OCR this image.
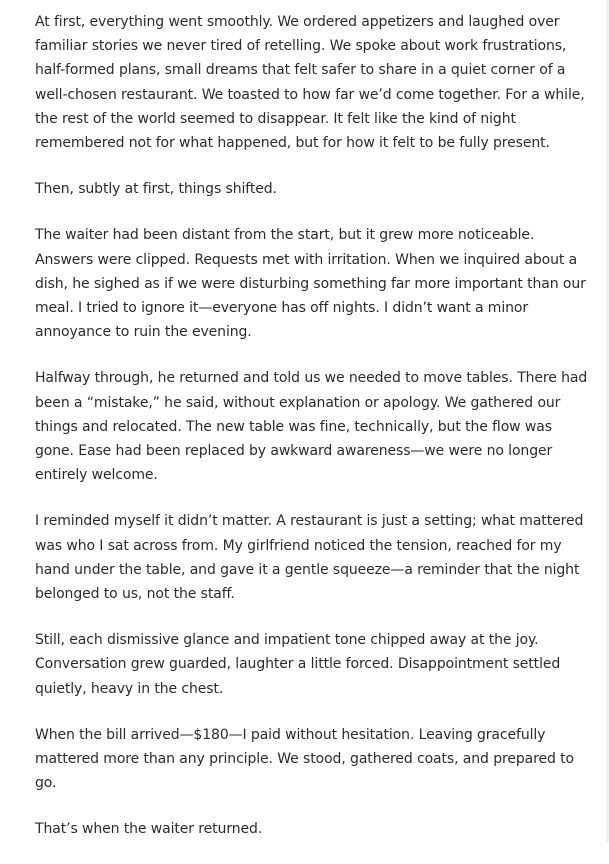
At first, everything went smoothly. We ordered appetizers and laughed over familiar stories we never tired of retelling. We spoke about work frustrations, half-formed plans, small dreams that felt safer to share in a quiet corner of a well-chosen restaurant. We toasted to how far we’d come together. For a while, the rest of the world seemed to disappear. It felt like the kind of night remembered not for what happened, but for how it felt to be fully present.

Then, subtly at first, things shifted.

The waiter had been distant from the start, but it grew more noticeable. Answers were clipped. Requests met with irritation. When we inquired about a dish, he sighed as if we were disturbing something far more important than our meal. I tried to ignore it—everyone has off nights. I didn’t want a minor annoyance to ruin the evening.

Halfway through, he returned and told us we needed to move tables. There had been a “mistake,” he said, without explanation or apology. We gathered our things and relocated. The new table was fine, technically, but the flow was gone. Ease had been replaced by awkward awareness—we were no longer entirely welcome.

I reminded myself it didn’t matter. A restaurant is just a setting; what mattered was who I sat across from. My girlfriend noticed the tension, reached for my hand under the table, and gave it a gentle squeeze—a reminder that the night belonged to us, not the staff.

Still, each dismissive glance and impatient tone chipped away at the joy. Conversation grew guarded, laughter a little forced. Disappointment settled quietly, heavy in the chest.

When the bill arrived—$180—I paid without hesitation. Leaving gracefully mattered more than any principle. We stood, gathered coats, and prepared to go.

That’s when the waiter returned.
